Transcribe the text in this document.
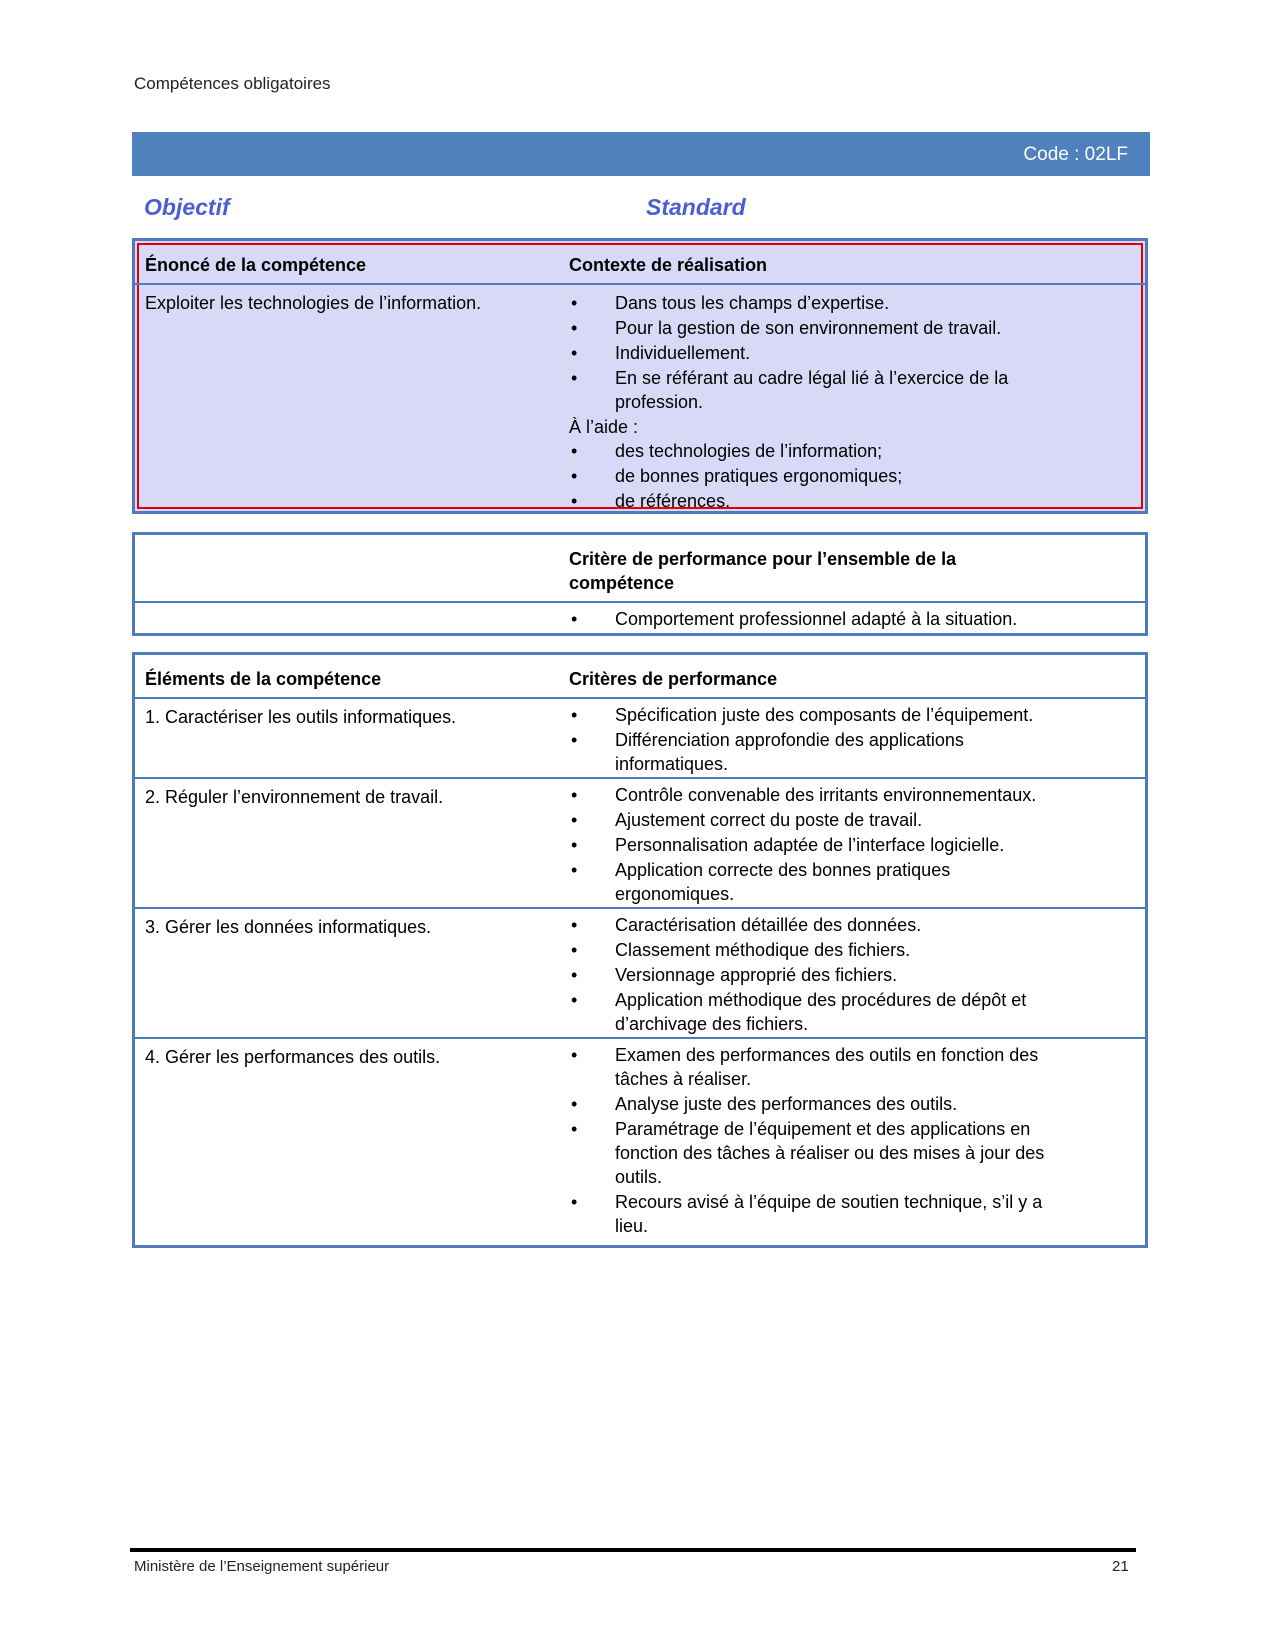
Compétences obligatoires
Code : 02LF
Objectif	Standard
Énoncé de la compétence	Contexte de réalisation
Exploiter les technologies de l’information.	• Dans tous les champs d’expertise.
• Pour la gestion de son environnement de travail.
• Individuellement.
• En se référant au cadre légal lié à l’exercice de la profession.

À l’aide :

• des technologies de l’information;
• de bonnes pratiques ergonomiques;
• de références.
Critère de performance pour l’ensemble de la compétence
• Comportement professionnel adapté à la situation.
Éléments de la compétence	Critères de performance
1. Caractériser les outils informatiques.	• Spécification juste des composants de l’équipement.
• Différenciation approfondie des applications informatiques.
2. Réguler l’environnement de travail.	• Contrôle convenable des irritants environnementaux.
• Ajustement correct du poste de travail.
• Personnalisation adaptée de l’interface logicielle.
• Application correcte des bonnes pratiques ergonomiques.
3. Gérer les données informatiques.	• Caractérisation détaillée des données.
• Classement méthodique des fichiers.
• Versionnage approprié des fichiers.
• Application méthodique des procédures de dépôt et d’archivage des fichiers.
4. Gérer les performances des outils.	• Examen des performances des outils en fonction des tâches à réaliser.
• Analyse juste des performances des outils.
• Paramétrage de l’équipement et des applications en fonction des tâches à réaliser ou des mises à jour des outils.
• Recours avisé à l’équipe de soutien technique, s’il y a lieu.
Ministère de l’Enseignement supérieur	21
